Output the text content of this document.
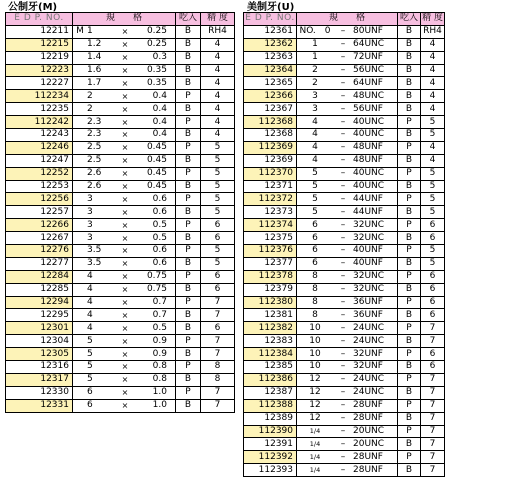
公制牙(M)
E D P. NO.	規　　格	吃入	精 度
12211	M 1 × 0.25	B	RH4
12215	1.2 × 0.25	B	4
12219	1.4 × 0.3	B	4
12223	1.6 × 0.35	B	4
12227	1.7 × 0.35	B	4
112234	2 × 0.4	P	4
12235	2 × 0.4	B	4
112242	2.3 × 0.4	P	4
12243	2.3 × 0.4	B	4
12246	2.5 × 0.45	P	5
12247	2.5 × 0.45	B	5
12252	2.6 × 0.45	P	5
12253	2.6 × 0.45	B	5
12256	3 × 0.6	P	5
12257	3 × 0.6	B	5
12266	3 × 0.5	P	6
12267	3 × 0.5	B	6
12276	3.5 × 0.6	P	5
12277	3.5 × 0.6	B	5
12284	4 × 0.75	P	6
12285	4 × 0.75	B	6
12294	4 × 0.7	P	7
12295	4 × 0.7	B	7
12301	4 × 0.5	B	6
12304	5 × 0.9	P	7
12305	5 × 0.9	B	7
12316	5 × 0.8	P	8
12317	5 × 0.8	B	8
12330	6 × 1.0	P	7
12331	6 × 1.0	B	7
美制牙(U)
E D P. NO.	規　　格	吃入	精 度
12361	NO.　0 – 80UNF	B	RH4
12362	1 – 64UNC	B	4
12363	1 – 72UNF	B	4
12364	2 – 56UNC	B	4
12365	2 – 64UNF	B	4
12366	3 – 48UNC	B	4
12367	3 – 56UNF	B	4
112368	4 – 40UNC	P	5
12368	4 – 40UNC	B	5
112369	4 – 48UNF	P	4
12369	4 – 48UNF	B	4
112370	5 – 40UNC	P	5
12371	5 – 40UNC	B	5
112372	5 – 44UNF	P	5
12373	5 – 44UNF	B	5
112374	6 – 32UNC	P	6
12375	6 – 32UNC	B	6
112376	6 – 40UNF	P	5
12377	6 – 40UNF	B	5
112378	8 – 32UNC	P	6
12379	8 – 32UNC	B	6
112380	8 – 36UNF	P	6
12381	8 – 36UNF	B	6
112382	10 – 24UNC	P	7
12383	10 – 24UNC	B	7
112384	10 – 32UNF	P	6
12385	10 – 32UNF	B	6
112386	12 – 24UNC	P	7
12387	12 – 24UNC	B	7
112388	12 – 28UNF	P	7
12389	12 – 28UNF	B	7
112390	1/4 – 20UNC	P	7
12391	1/4 – 20UNC	B	7
112392	1/4 – 28UNF	P	7
112393	1/4 – 28UNF	B	7
